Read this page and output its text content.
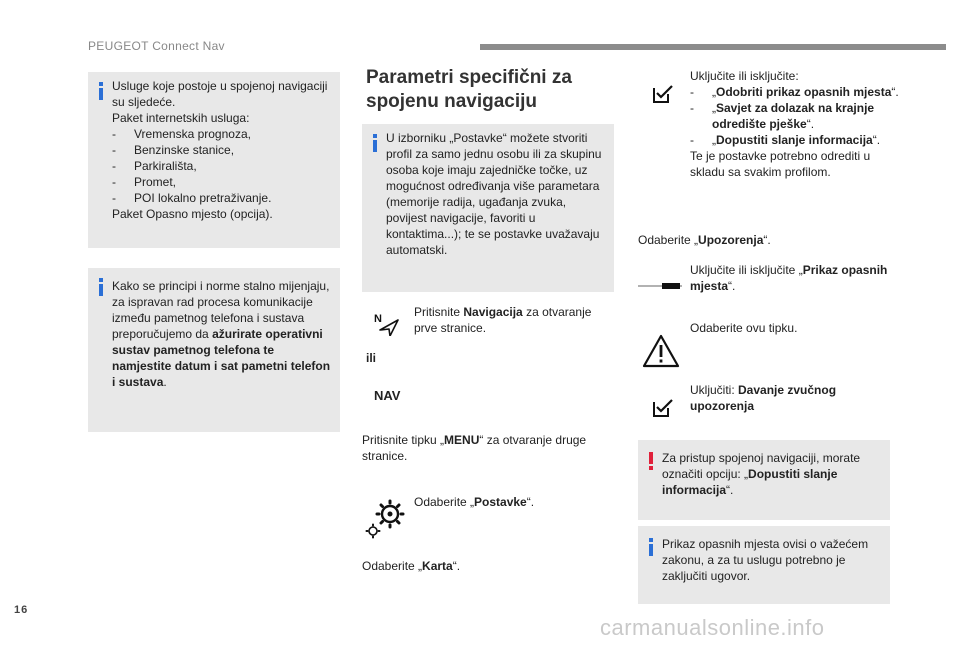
PEUGEOT Connect Nav

Usluge koje postoje u spojenoj navigaciji su sljedeće.

Paket internetskih usluga:

- Vremenska prognoza,
- Benzinske stanice,
- Parkirališta,
- Promet,
- POI lokalno pretraživanje.

Paket Opasno mjesto (opcija).

Kako se principi i norme stalno mijenjaju, za ispravan rad procesa komunikacije između pametnog telefona i sustava preporučujemo da ažurirate operativni sustav pametnog telefona te namjestite datum i sat pametni telefon i sustava.

Parametri specifični za spojenu navigaciju

U izborniku „Postavke“ možete stvoriti profil za samo jednu osobu ili za skupinu osoba koje imaju zajedničke točke, uz mogućnost određivanja više parametara (memorije radija, ugađanja zvuka, povijest navigacije, favoriti u kontaktima...); te se postavke uvažavaju automatski.

N	Pritisnite Navigacija za otvaranje prve stranice.
ili
NAV
Pritisnite tipku „MENU“ za otvaranje druge stranice.
Odaberite „Postavke“.
Odaberite „Karta“.

Uključite ili isključite:

- „Odobriti prikaz opasnih mjesta“.
- „Savjet za dolazak na krajnje odredište pješke“.
- „Dopustiti slanje informacija“.

Te je postavke potrebno odrediti u skladu sa svakim profilom.

Odaberite „Upozorenja“.
Uključite ili isključite „Prikaz opasnih mjesta“.
Odaberite ovu tipku.
Uključiti: Davanje zvučnog upozorenja

Za pristup spojenoj navigaciji, morate označiti opciju: „Dopustiti slanje informacija“.

Prikaz opasnih mjesta ovisi o važećem zakonu, a za tu uslugu potrebno je zaključiti ugovor.

16
carmanualsonline.info
